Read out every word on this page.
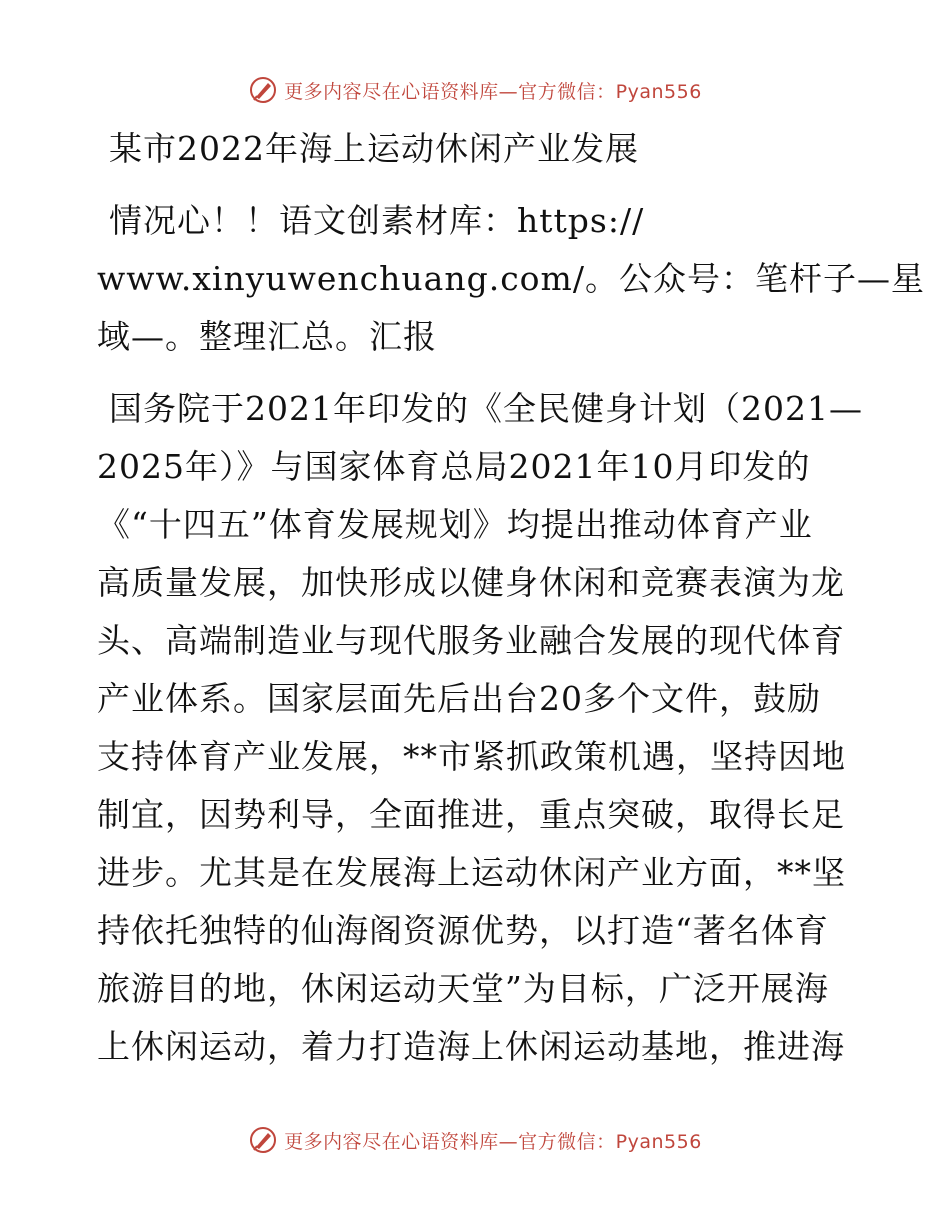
更多内容尽在心语资料库—官方微信：Pyan556
某市2022年海上运动休闲产业发展
情况心！！语文创素材库：https://
www.xinyuwenchuang.com/。公众号：笔杆子—星
域—。整理汇总。汇报
国务院于2021年印发的《全民健身计划（2021—
2025年）》与国家体育总局2021年10月印发的
《“十四五”体育发展规划》均提出推动体育产业
高质量发展，加快形成以健身休闲和竞赛表演为龙
头、高端制造业与现代服务业融合发展的现代体育
产业体系。国家层面先后出台20多个文件，鼓励
支持体育产业发展，**市紧抓政策机遇，坚持因地
制宜，因势利导，全面推进，重点突破，取得长足
进步。尤其是在发展海上运动休闲产业方面，**坚
持依托独特的仙海阁资源优势，以打造“著名体育
旅游目的地，休闲运动天堂”为目标，广泛开展海
上休闲运动，着力打造海上休闲运动基地，推进海
更多内容尽在心语资料库—官方微信：Pyan556
